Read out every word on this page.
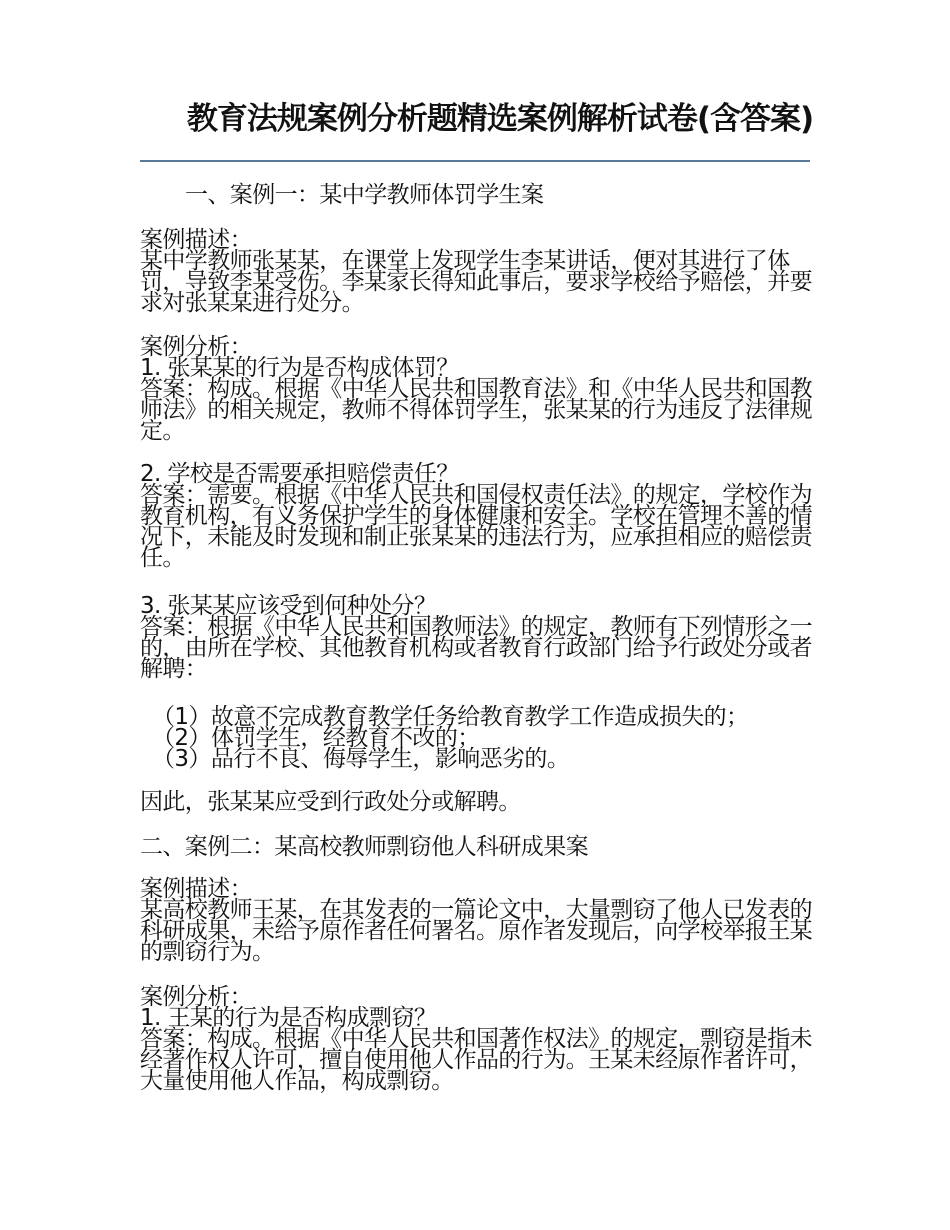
教育法规案例分析题精选案例解析试卷(含答案)

一、案例一：某中学教师体罚学生案

案例描述：

某中学教师张某某，在课堂上发现学生李某讲话，便对其进行了体罚，导致李某受伤。李某家长得知此事后，要求学校给予赔偿，并要求对张某某进行处分。

案例分析：

1. 张某某的行为是否构成体罚？

答案：构成。根据《中华人民共和国教育法》和《中华人民共和国教师法》的相关规定，教师不得体罚学生，张某某的行为违反了法律规定。

2. 学校是否需要承担赔偿责任？

答案：需要。根据《中华人民共和国侵权责任法》的规定，学校作为教育机构，有义务保护学生的身体健康和安全。学校在管理不善的情况下，未能及时发现和制止张某某的违法行为，应承担相应的赔偿责任。

3. 张某某应该受到何种处分？

答案：根据《中华人民共和国教师法》的规定，教师有下列情形之一的，由所在学校、其他教育机构或者教育行政部门给予行政处分或者解聘：

（1）故意不完成教育教学任务给教育教学工作造成损失的；

（2）体罚学生，经教育不改的；

（3）品行不良、侮辱学生，影响恶劣的。

因此，张某某应受到行政处分或解聘。

二、案例二：某高校教师剽窃他人科研成果案

案例描述：

某高校教师王某，在其发表的一篇论文中，大量剽窃了他人已发表的科研成果，未给予原作者任何署名。原作者发现后，向学校举报王某的剽窃行为。

案例分析：

1. 王某的行为是否构成剽窃？

答案：构成。根据《中华人民共和国著作权法》的规定，剽窃是指未经著作权人许可，擅自使用他人作品的行为。王某未经原作者许可，大量使用他人作品，构成剽窃。
